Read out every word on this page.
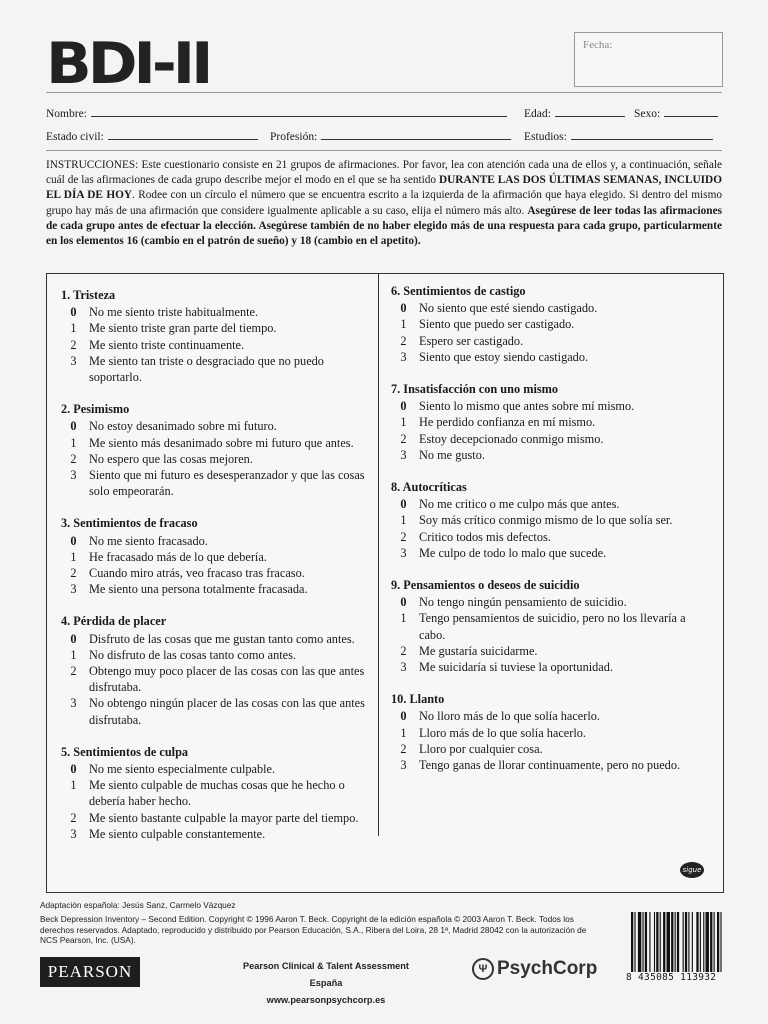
BDI-II	Fecha:
Nombre:	Edad:	Sexo:
Estado civil:	Profesión:	Estudios:
INSTRUCCIONES: Este cuestionario consiste en 21 grupos de afirmaciones. Por favor, lea con atención cada una de ellos y, a continuación, señale cuál de las afirmaciones de cada grupo describe mejor el modo en el que se ha sentido DURANTE LAS DOS ÚLTIMAS SEMANAS, INCLUIDO EL DÍA DE HOY. Rodee con un círculo el número que se encuentra escrito a la izquierda de la afirmación que haya elegido. Si dentro del mismo grupo hay más de una afirmación que considere igualmente aplicable a su caso, elija el número más alto. Asegúrese de leer todas las afirmaciones de cada grupo antes de efectuar la elección. Asegúrese también de no haber elegido más de una respuesta para cada grupo, particularmente en los elementos 16 (cambio en el patrón de sueño) y 18 (cambio en el apetito).
1. Tristeza
0	No me siento triste habitualmente.
1	Me siento triste gran parte del tiempo.
2	Me siento triste continuamente.
3	Me siento tan triste o desgraciado que no puedo soportarlo.
2. Pesimismo
0	No estoy desanimado sobre mi futuro.
1	Me siento más desanimado sobre mi futuro que antes.
2	No espero que las cosas mejoren.
3	Siento que mi futuro es desesperanzador y que las cosas solo empeorarán.
3. Sentimientos de fracaso
0	No me siento fracasado.
1	He fracasado más de lo que debería.
2	Cuando miro atrás, veo fracaso tras fracaso.
3	Me siento una persona totalmente fracasada.
4. Pérdida de placer
0	Disfruto de las cosas que me gustan tanto como antes.
1	No disfruto de las cosas tanto como antes.
2	Obtengo muy poco placer de las cosas con las que antes disfrutaba.
3	No obtengo ningún placer de las cosas con las que antes disfrutaba.
5. Sentimientos de culpa
0	No me siento especialmente culpable.
1	Me siento culpable de muchas cosas que he hecho o debería haber hecho.
2	Me siento bastante culpable la mayor parte del tiempo.
3	Me siento culpable constantemente.
6. Sentimientos de castigo
0	No siento que esté siendo castigado.
1	Siento que puedo ser castigado.
2	Espero ser castigado.
3	Siento que estoy siendo castigado.
7. Insatisfacción con uno mismo
0	Siento lo mismo que antes sobre mí mismo.
1	He perdido confianza en mí mismo.
2	Estoy decepcionado conmigo mismo.
3	No me gusto.
8. Autocríticas
0	No me critico o me culpo más que antes.
1	Soy más crítico conmigo mismo de lo que solía ser.
2	Critico todos mis defectos.
3	Me culpo de todo lo malo que sucede.
9. Pensamientos o deseos de suicidio
0	No tengo ningún pensamiento de suicidio.
1	Tengo pensamientos de suicidio, pero no los llevaría a cabo.
2	Me gustaría suicidarme.
3	Me suicidaría si tuviese la oportunidad.
10. Llanto
0	No lloro más de lo que solía hacerlo.
1	Lloro más de lo que solía hacerlo.
2	Lloro por cualquier cosa.
3	Tengo ganas de llorar continuamente, pero no puedo.
sigue
Adaptación española: Jesús Sanz, Carmelo Vázquez
Beck Depression Inventory – Second Edition. Copyright © 1996 Aaron T. Beck. Copyright de la edición española © 2003 Aaron T. Beck. Todos los derechos reservados. Adaptado, reproducido y distribuido por Pearson Educación, S.A., Ribera del Loira, 28 1ª, Madrid 28042 con la autorización de NCS Pearson, Inc. (USA).
PEARSON	Pearson Clinical & Talent Assessment España
www.pearsonpsychcorp.es
Ψ PsychCorp	8 435085 113932
